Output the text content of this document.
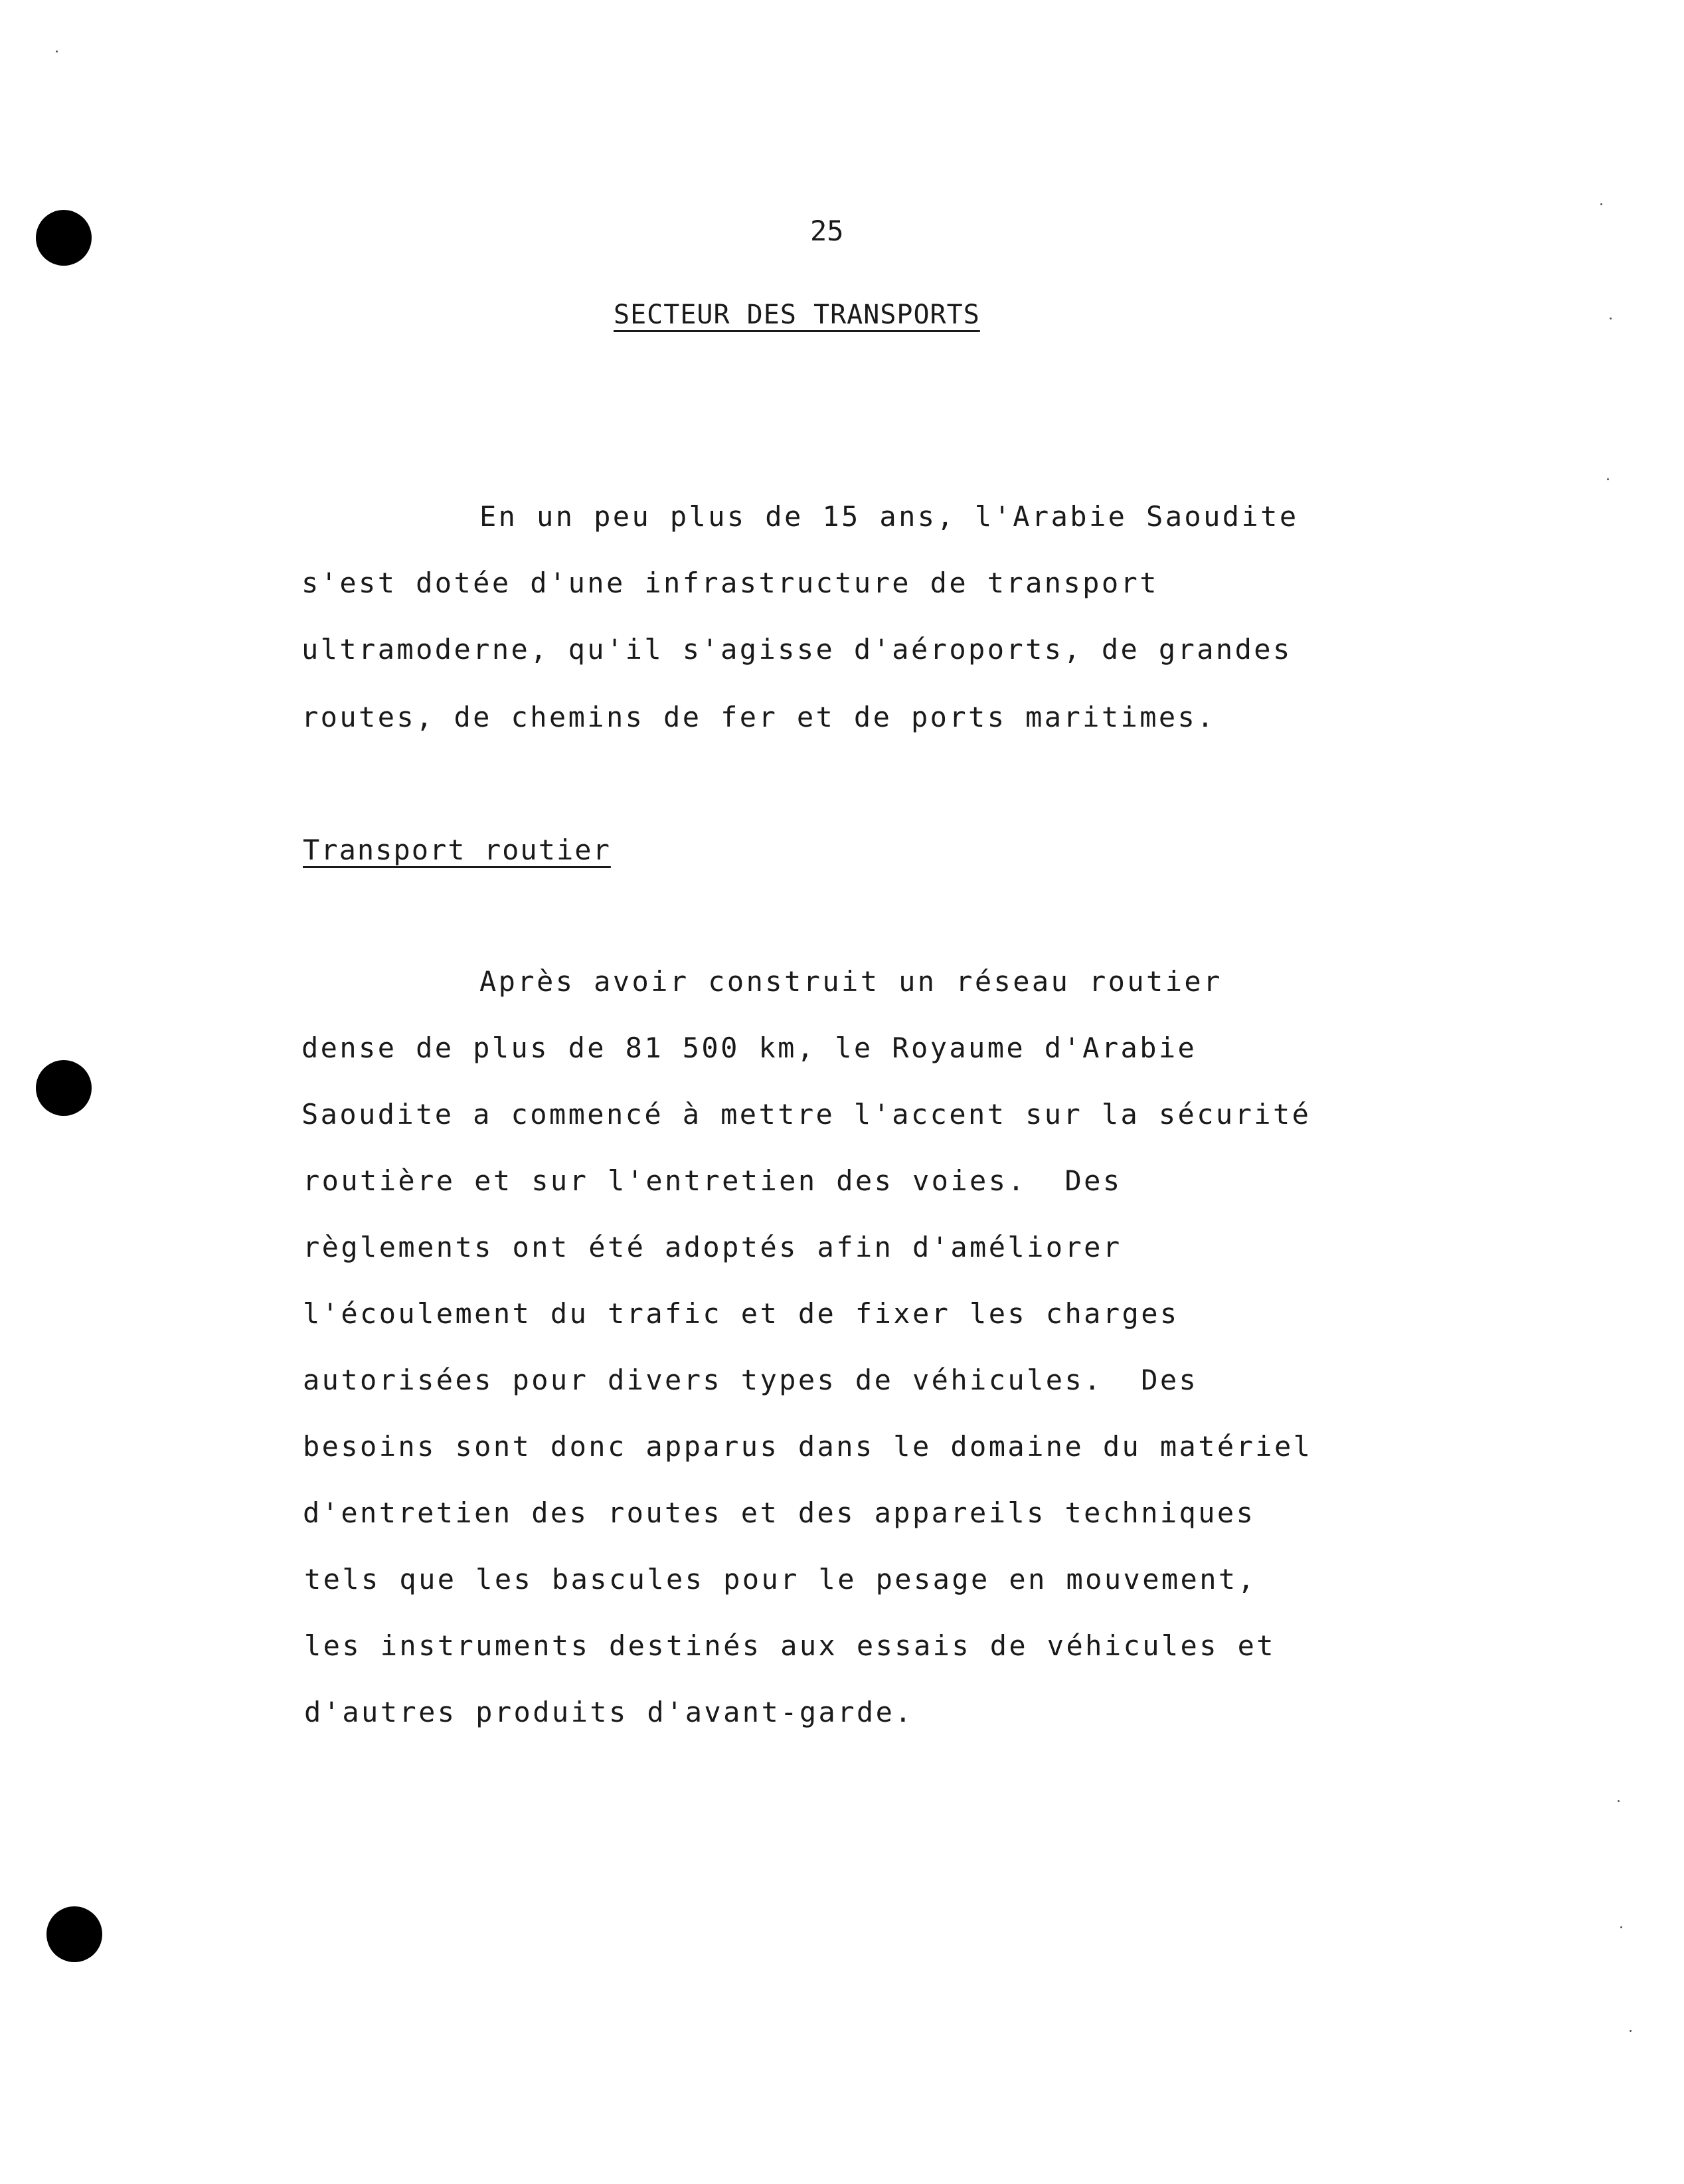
25
SECTEUR DES TRANSPORTS
En un peu plus de 15 ans, l'Arabie Saoudite
s'est dotée d'une infrastructure de transport
ultramoderne, qu'il s'agisse d'aéroports, de grandes
routes, de chemins de fer et de ports maritimes.
Transport routier
Après avoir construit un réseau routier
dense de plus de 81 500 km, le Royaume d'Arabie
Saoudite a commencé à mettre l'accent sur la sécurité
routière et sur l'entretien des voies.  Des
règlements ont été adoptés afin d'améliorer
l'écoulement du trafic et de fixer les charges
autorisées pour divers types de véhicules.  Des
besoins sont donc apparus dans le domaine du matériel
d'entretien des routes et des appareils techniques
tels que les bascules pour le pesage en mouvement,
les instruments destinés aux essais de véhicules et
d'autres produits d'avant-garde.
